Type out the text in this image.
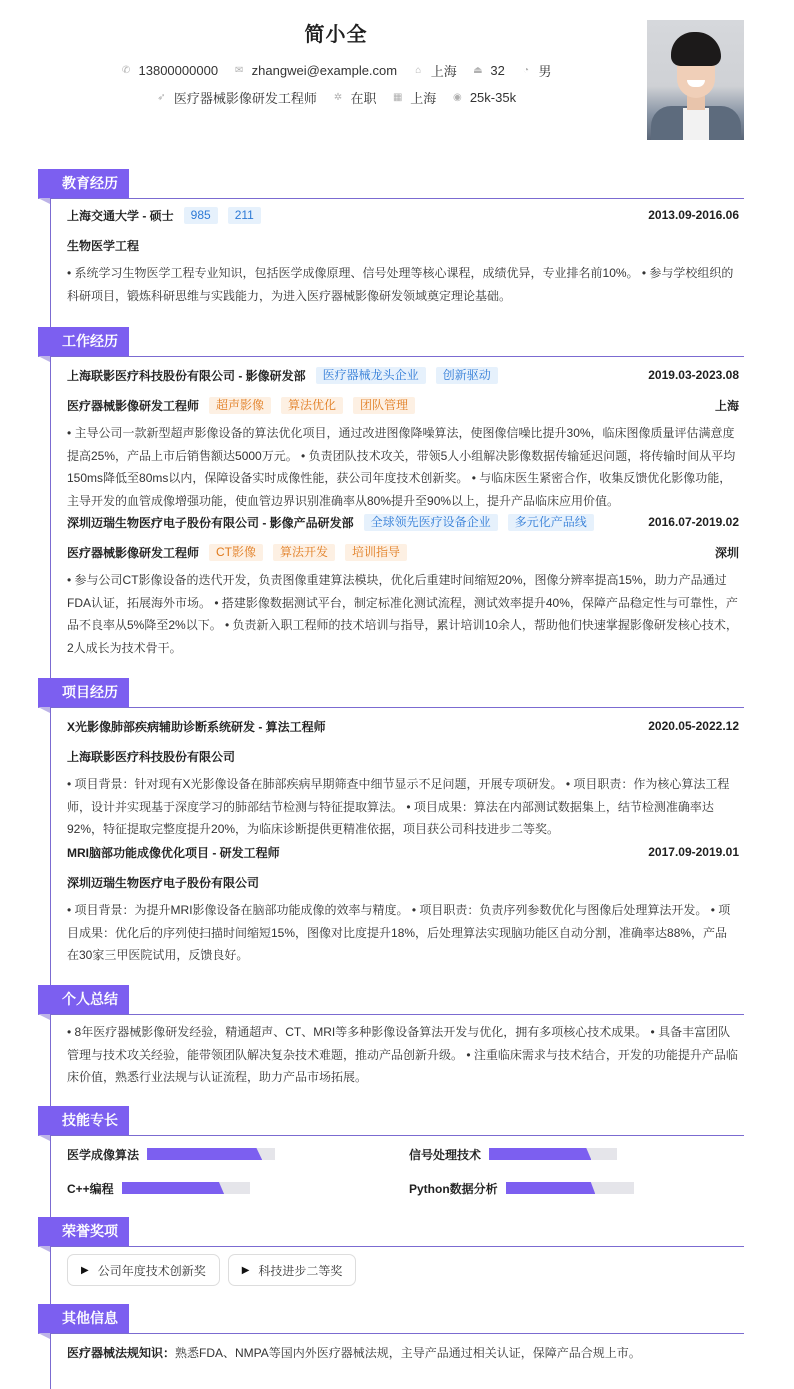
简小全
✆ 13800000000
✉ zhangwei@example.com
⌂ 上海
⏏ 32
◔ 男
➶ 医疗器械影像研发工程师
✲ 在职
▦ 上海
◉ 25k-35k
教育经历
上海交通大学 - 硕士	985	211	2013.09-2016.06
生物医学工程
• 系统学习生物医学工程专业知识，包括医学成像原理、信号处理等核心课程，成绩优异，专业排名前10%。 • 参与学校组织的科研项目，锻炼科研思维与实践能力，为进入医疗器械影像研发领域奠定理论基础。
工作经历
上海联影医疗科技股份有限公司 - 影像研发部	医疗器械龙头企业	创新驱动	2019.03-2023.08
医疗器械影像研发工程师	超声影像	算法优化	团队管理	上海
• 主导公司一款新型超声影像设备的算法优化项目，通过改进图像降噪算法，使图像信噪比提升30%，临床图像质量评估满意度提高25%，产品上市后销售额达5000万元。 • 负责团队技术攻关，带领5人小组解决影像数据传输延迟问题，将传输时间从平均150ms降低至80ms以内，保障设备实时成像性能，获公司年度技术创新奖。 • 与临床医生紧密合作，收集反馈优化影像功能，主导开发的血管成像增强功能，使血管边界识别准确率从80%提升至90%以上，提升产品临床应用价值。
深圳迈瑞生物医疗电子股份有限公司 - 影像产品研发部	全球领先医疗设备企业	多元化产品线	2016.07-2019.02
医疗器械影像研发工程师	CT影像	算法开发	培训指导	深圳
• 参与公司CT影像设备的迭代开发，负责图像重建算法模块，优化后重建时间缩短20%，图像分辨率提高15%，助力产品通过FDA认证，拓展海外市场。 • 搭建影像数据测试平台，制定标准化测试流程，测试效率提升40%，保障产品稳定性与可靠性，产品不良率从5%降至2%以下。 • 负责新入职工程师的技术培训与指导，累计培训10余人，帮助他们快速掌握影像研发核心技术，2人成长为技术骨干。
项目经历
X光影像肺部疾病辅助诊断系统研发 - 算法工程师	2020.05-2022.12
上海联影医疗科技股份有限公司
• 项目背景：针对现有X光影像设备在肺部疾病早期筛查中细节显示不足问题，开展专项研发。 • 项目职责：作为核心算法工程师，设计并实现基于深度学习的肺部结节检测与特征提取算法。 • 项目成果：算法在内部测试数据集上，结节检测准确率达92%，特征提取完整度提升20%，为临床诊断提供更精准依据，项目获公司科技进步二等奖。
MRI脑部功能成像优化项目 - 研发工程师	2017.09-2019.01
深圳迈瑞生物医疗电子股份有限公司
• 项目背景：为提升MRI影像设备在脑部功能成像的效率与精度。 • 项目职责：负责序列参数优化与图像后处理算法开发。 • 项目成果：优化后的序列使扫描时间缩短15%，图像对比度提升18%，后处理算法实现脑功能区自动分割，准确率达88%，产品在30家三甲医院试用，反馈良好。
个人总结
• 8年医疗器械影像研发经验，精通超声、CT、MRI等多种影像设备算法开发与优化，拥有多项核心技术成果。 • 具备丰富团队管理与技术攻关经验，能带领团队解决复杂技术难题，推动产品创新升级。 • 注重临床需求与技术结合，开发的功能提升产品临床价值，熟悉行业法规与认证流程，助力产品市场拓展。
技能专长
医学成像算法	信号处理技术
C++编程	Python数据分析
荣誉奖项
▶ 公司年度技术创新奖	▶ 科技进步二等奖
其他信息
医疗器械法规知识：熟悉FDA、NMPA等国内外医疗器械法规，主导产品通过相关认证，保障产品合规上市。
